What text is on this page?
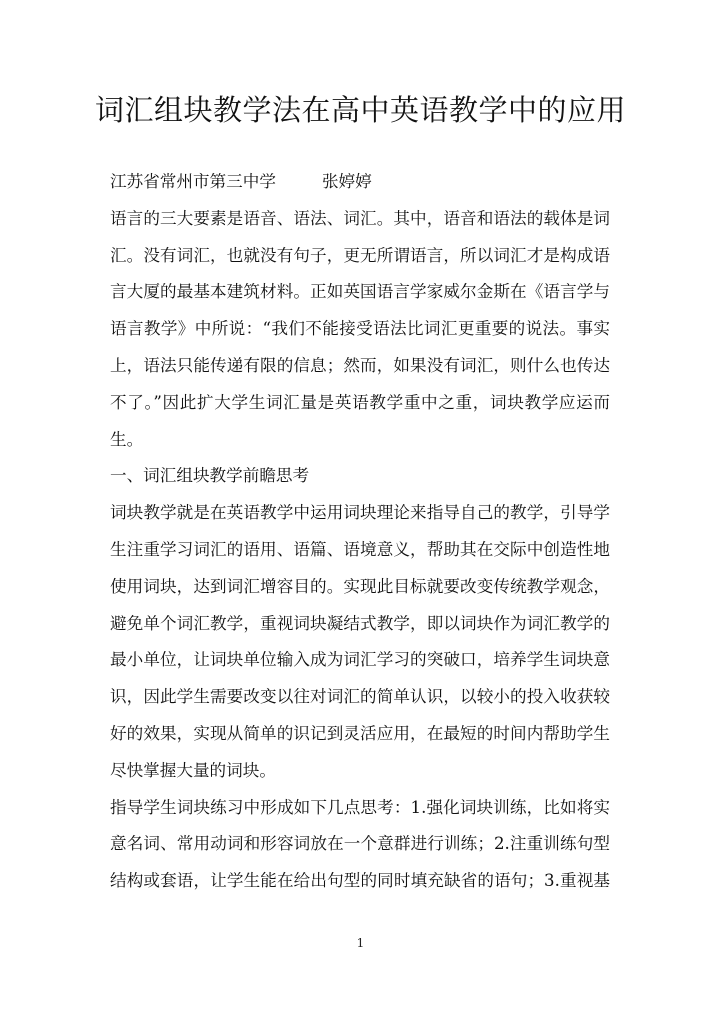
词汇组块教学法在高中英语教学中的应用
江苏省常州市第三中学	张婷婷
语言的三大要素是语音、语法、词汇。其中，语音和语法的载体是词
汇。没有词汇，也就没有句子，更无所谓语言，所以词汇才是构成语
言大厦的最基本建筑材料。正如英国语言学家威尔金斯在《语言学与
语言教学》中所说：“我们不能接受语法比词汇更重要的说法。事实
上，语法只能传递有限的信息；然而，如果没有词汇，则什么也传达
不了。”因此扩大学生词汇量是英语教学重中之重，词块教学应运而
生。
一、词汇组块教学前瞻思考
词块教学就是在英语教学中运用词块理论来指导自己的教学，引导学
生注重学习词汇的语用、语篇、语境意义，帮助其在交际中创造性地
使用词块，达到词汇增容目的。实现此目标就要改变传统教学观念，
避免单个词汇教学，重视词块凝结式教学，即以词块作为词汇教学的
最小单位，让词块单位输入成为词汇学习的突破口，培养学生词块意
识，因此学生需要改变以往对词汇的简单认识，以较小的投入收获较
好的效果，实现从简单的识记到灵活应用，在最短的时间内帮助学生
尽快掌握大量的词块。
指导学生词块练习中形成如下几点思考：1.强化词块训练，比如将实
意名词、常用动词和形容词放在一个意群进行训练；2.注重训练句型
结构或套语，让学生能在给出句型的同时填充缺省的语句；3.重视基
1
